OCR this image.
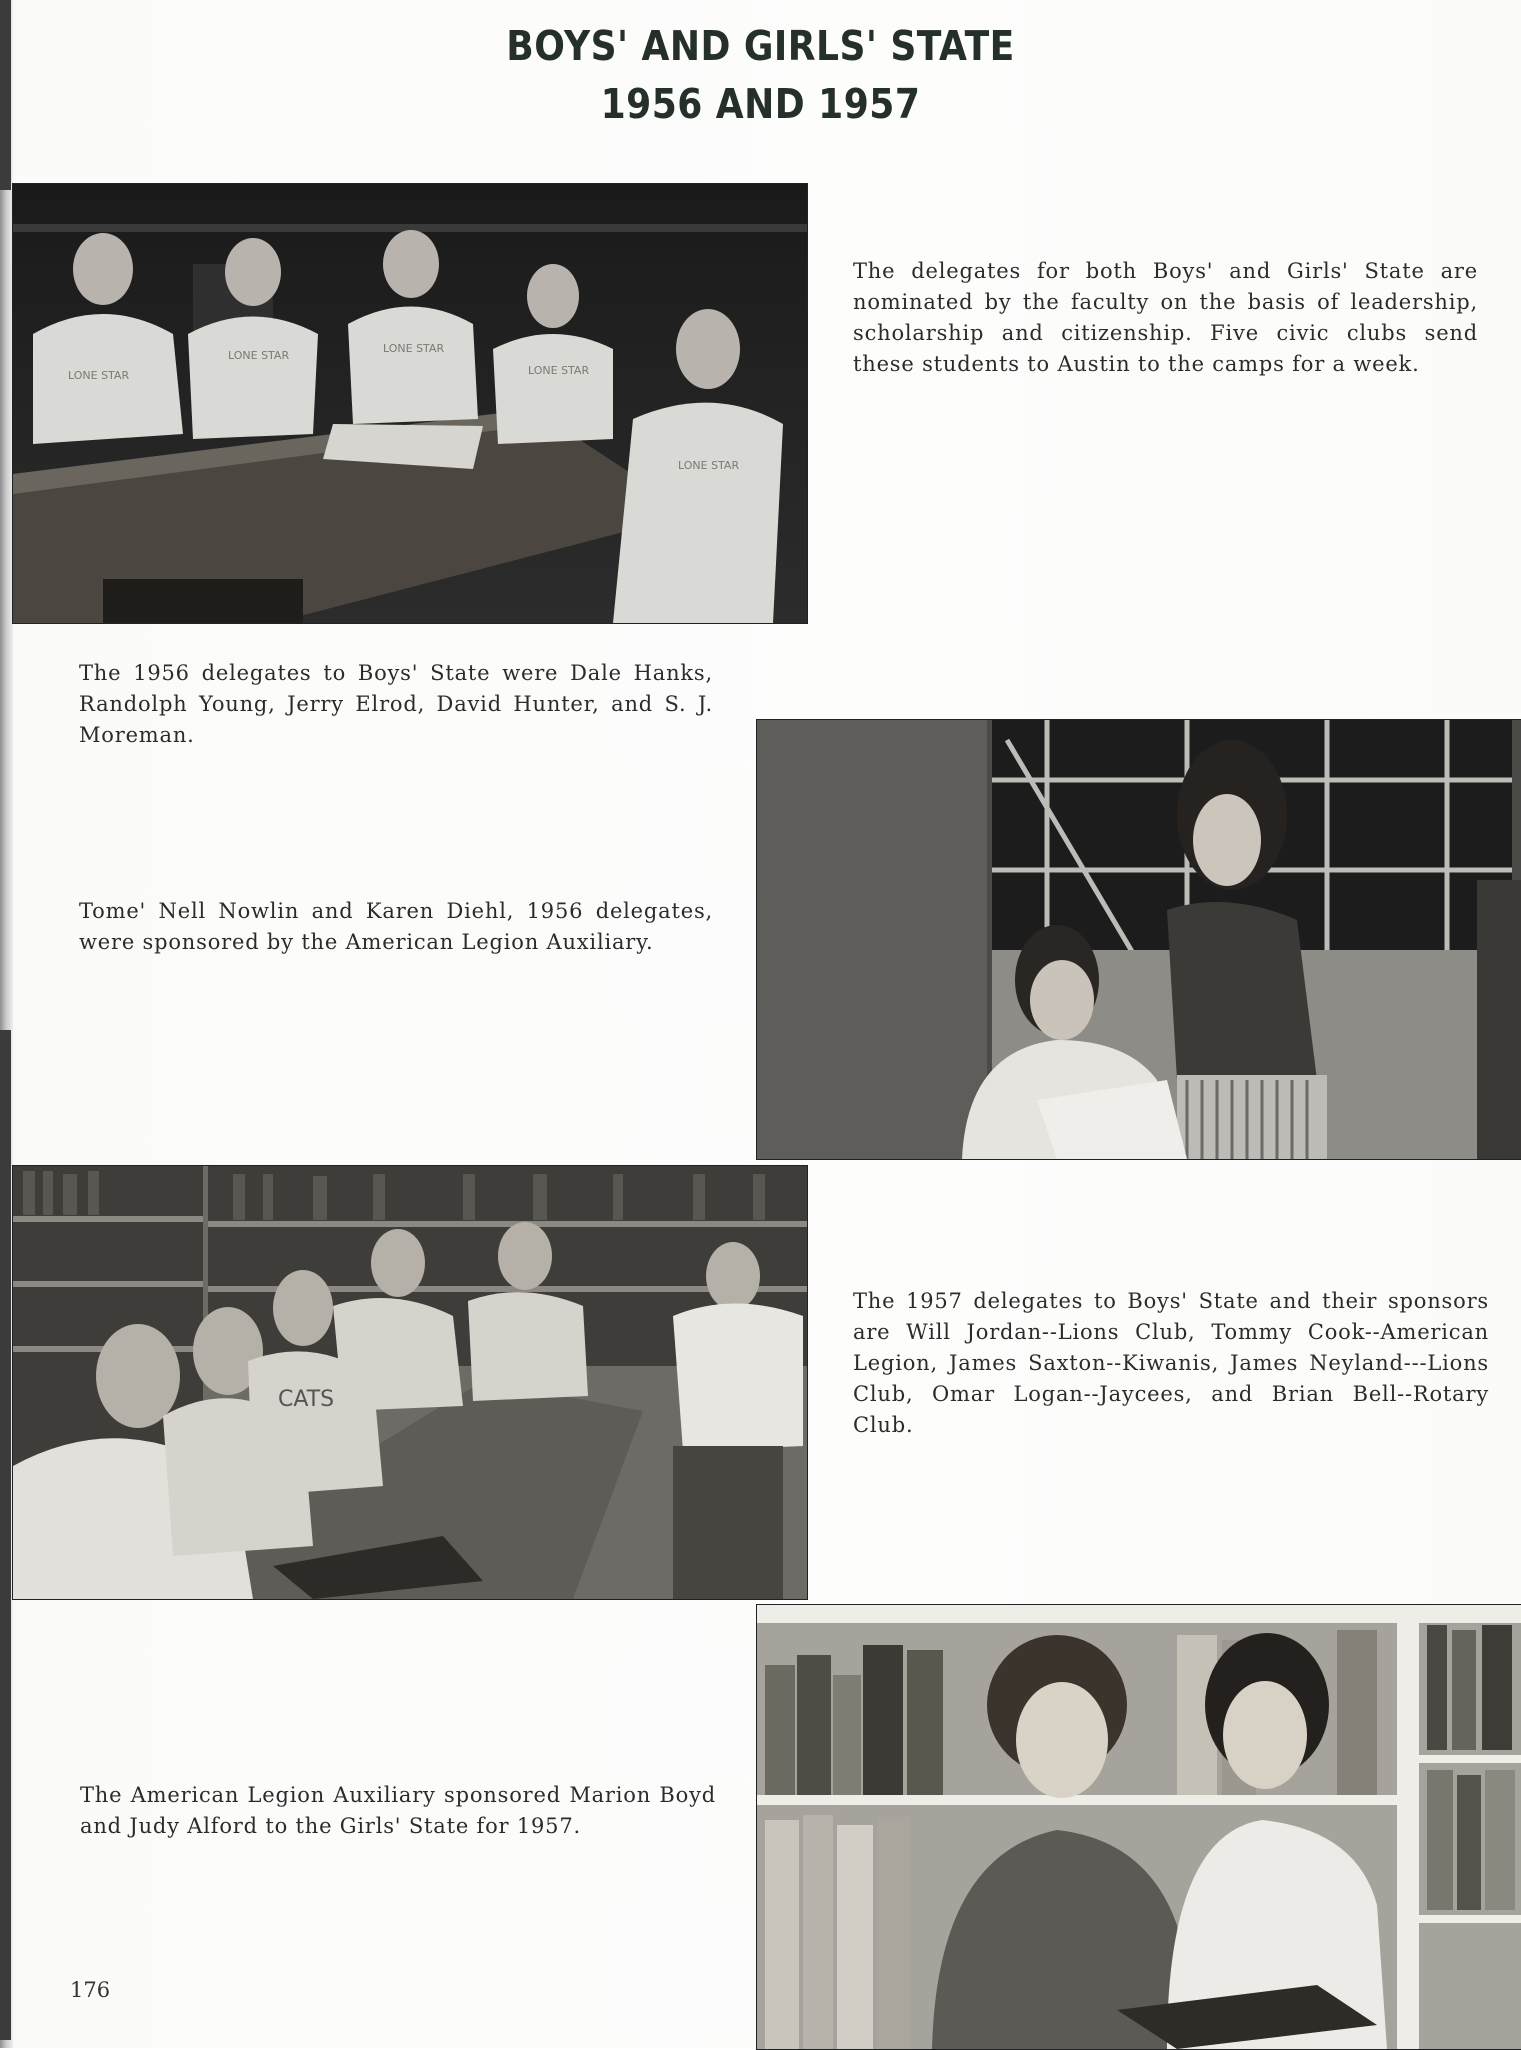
BOYS' AND GIRLS' STATE
1956 AND 1957
LONE STAR
LONE STAR
LONE STAR
LONE STAR
LONE STAR

The delegates for both Boys' and Girls' State are nominated by the faculty on the basis of leadership, scholarship and citizenship. Five civic clubs send these students to Austin to the camps for a week.

The 1956 delegates to Boys' State were Dale Hanks, Randolph Young, Jerry Elrod, David Hunter, and S. J. Moreman.

Tome' Nell Nowlin and Karen Diehl, 1956 delegates, were sponsored by the American Legion Auxiliary.

CATS

The 1957 delegates to Boys' State and their sponsors are Will Jordan--Lions Club, Tommy Cook--American Legion, James Saxton--Kiwanis, James Neyland---Lions Club, Omar Logan--Jaycees, and Brian Bell--Rotary Club.

The American Legion Auxiliary sponsored Marion Boyd and Judy Alford to the Girls' State for 1957.

176
